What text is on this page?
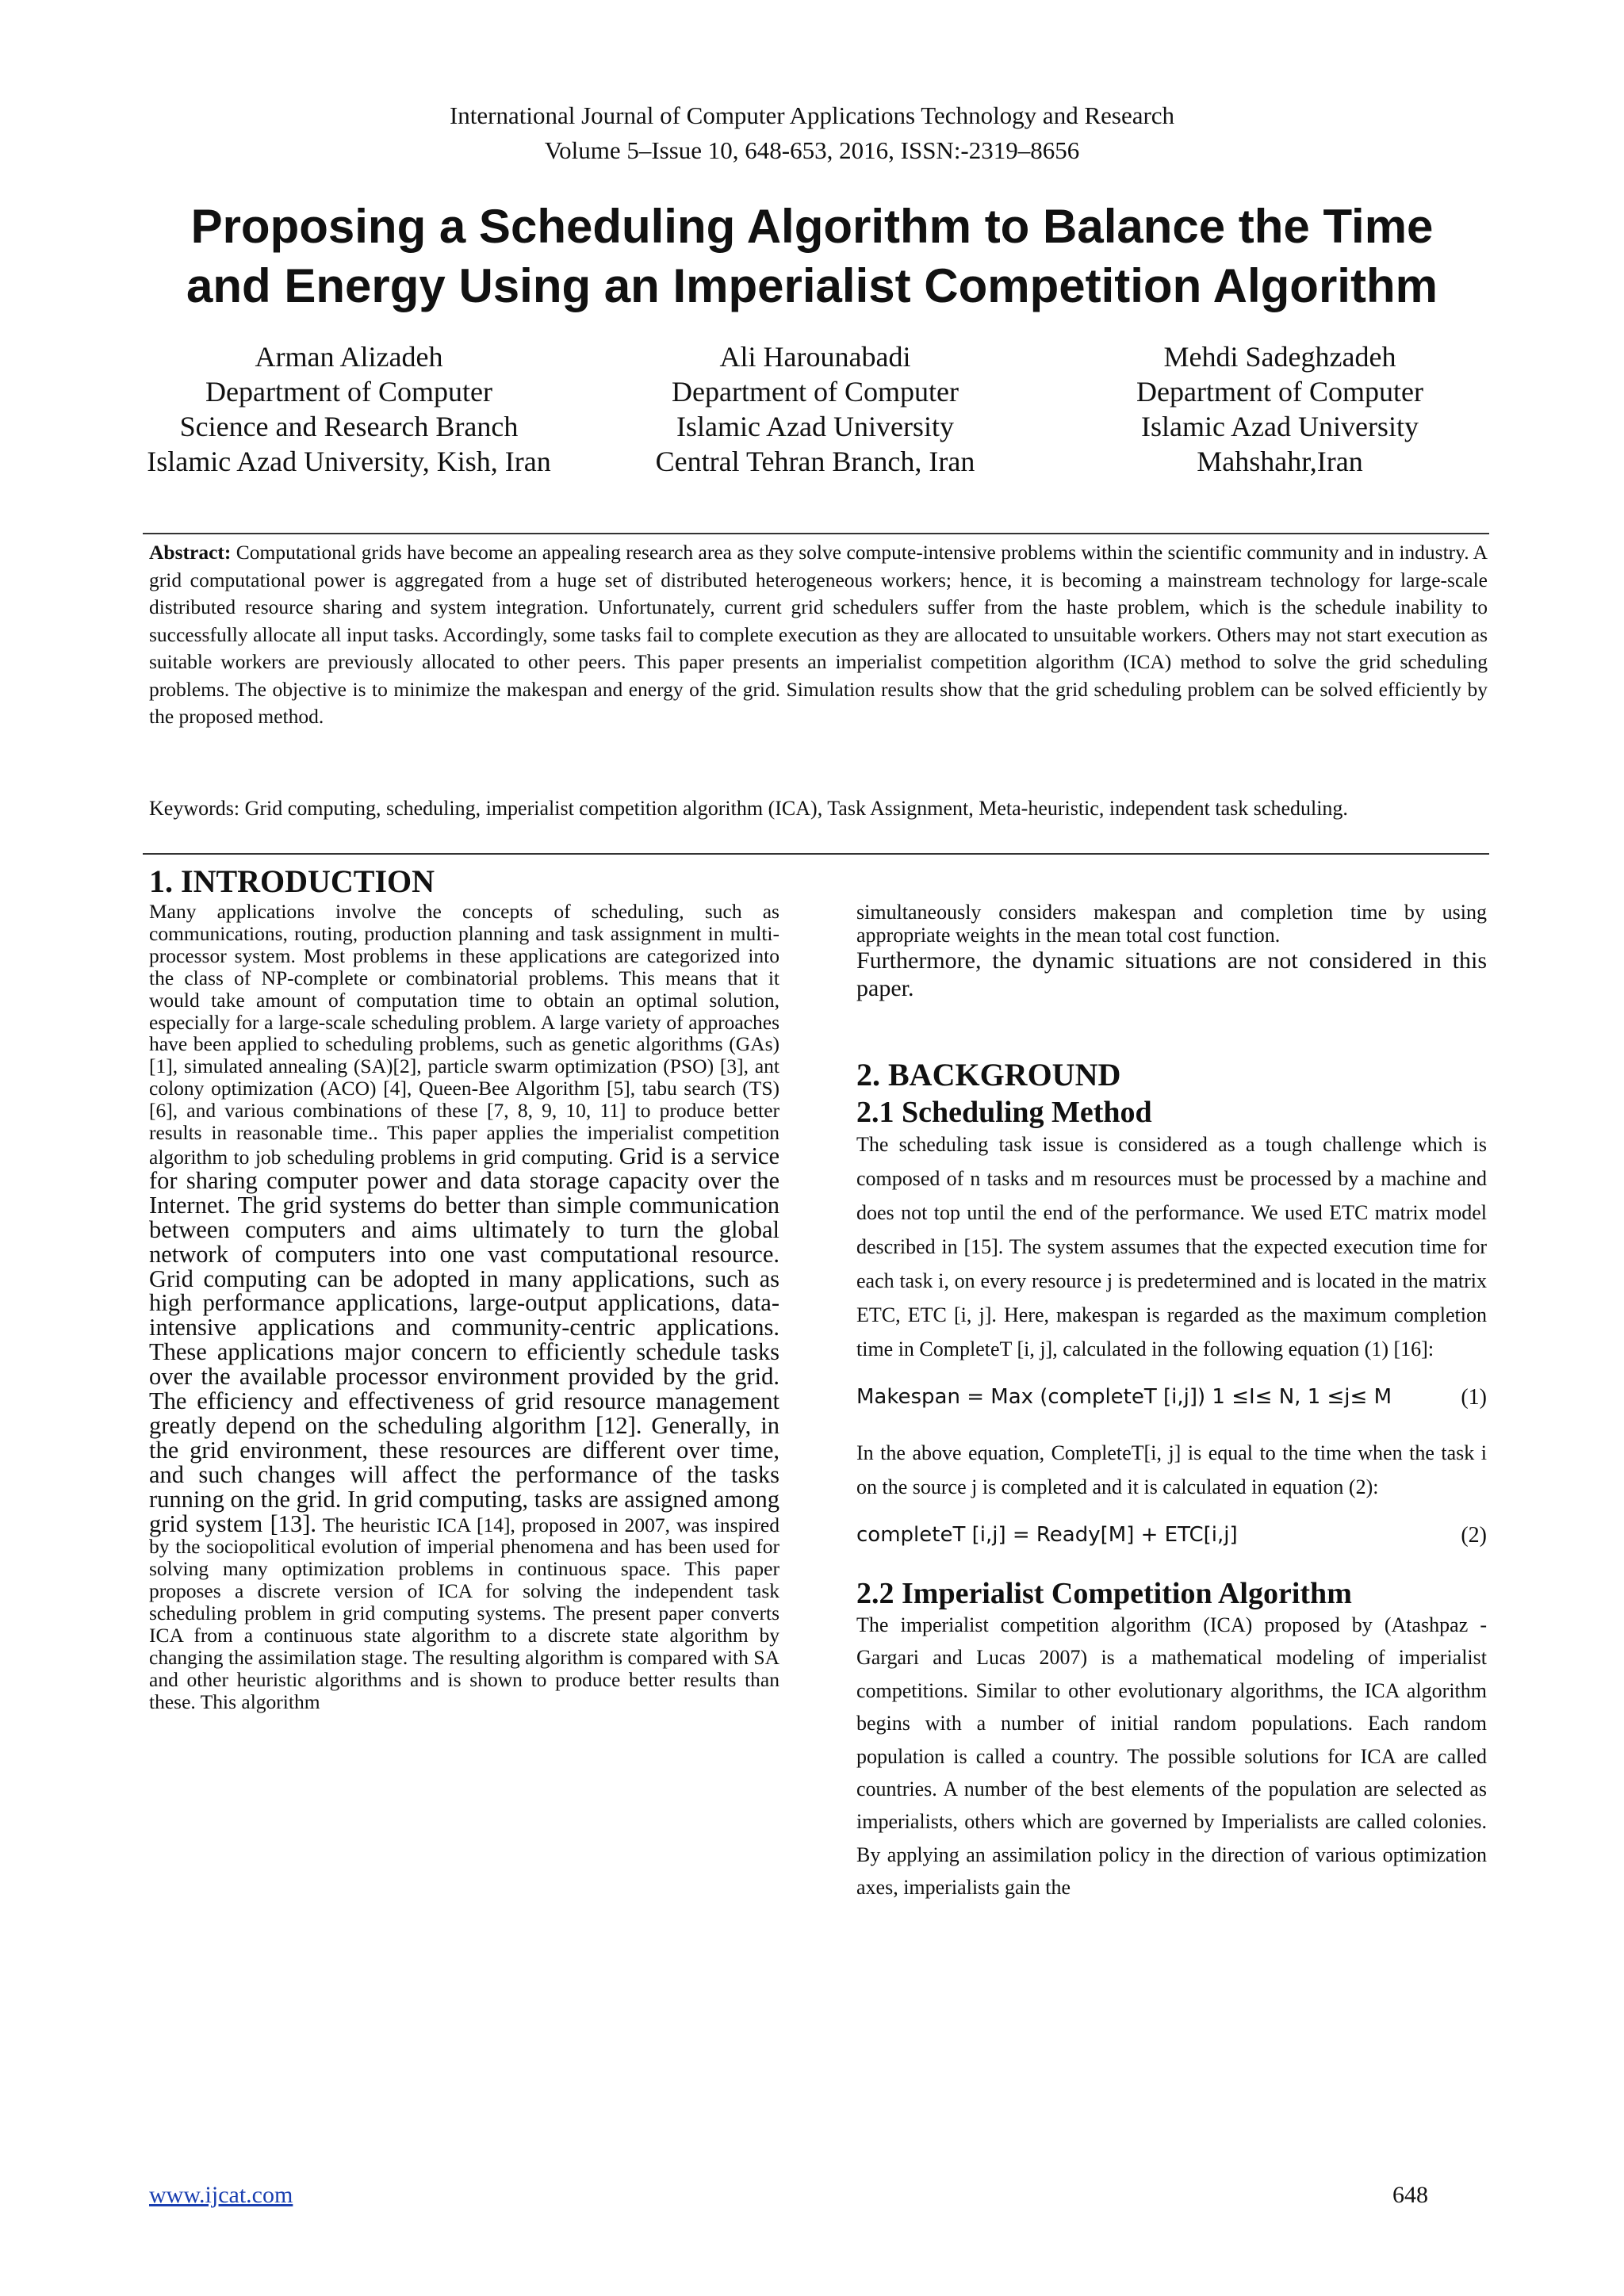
International Journal of Computer Applications Technology and Research
Volume 5–Issue 10, 648-653, 2016, ISSN:-2319–8656
Proposing a Scheduling Algorithm to Balance the Time
and Energy Using an Imperialist Competition Algorithm
Arman Alizadeh
Department of Computer
Science and Research Branch
Islamic Azad University, Kish, Iran
Ali Harounabadi
Department of Computer
Islamic Azad University
Central Tehran Branch, Iran
Mehdi Sadeghzadeh
Department of Computer
Islamic Azad University
Mahshahr,Iran
Abstract: Computational grids have become an appealing research area as they solve compute-intensive problems within the scientific community and in industry. A grid computational power is aggregated from a huge set of distributed heterogeneous workers; hence, it is becoming a mainstream technology for large-scale distributed resource sharing and system integration. Unfortunately, current grid schedulers suffer from the haste problem, which is the schedule inability to successfully allocate all input tasks. Accordingly, some tasks fail to complete execution as they are allocated to unsuitable workers. Others may not start execution as suitable workers are previously allocated to other peers. This paper presents an imperialist competition algorithm (ICA) method to solve the grid scheduling problems. The objective is to minimize the makespan and energy of the grid. Simulation results show that the grid scheduling problem can be solved efficiently by the proposed method.
Keywords: Grid computing, scheduling, imperialist competition algorithm (ICA), Task Assignment, Meta-heuristic, independent task scheduling.
1. INTRODUCTION

Many applications involve the concepts of scheduling, such as communications, routing, production planning and task assignment in multi-processor system. Most problems in these applications are categorized into the class of NP-complete or combinatorial problems. This means that it would take amount of computation time to obtain an optimal solution, especially for a large-scale scheduling problem. A large variety of approaches have been applied to scheduling problems, such as genetic algorithms (GAs) [1], simulated annealing (SA)[2], particle swarm optimization (PSO) [3], ant colony optimization (ACO) [4], Queen-Bee Algorithm [5], tabu search (TS) [6], and various combinations of these [7, 8, 9, 10, 11] to produce better results in reasonable time.. This paper applies the imperialist competition algorithm to job scheduling problems in grid computing. Grid is a service for sharing computer power and data storage capacity over the Internet. The grid systems do better than simple communication between computers and aims ultimately to turn the global network of computers into one vast computational resource. Grid computing can be adopted in many applications, such as high performance applications, large-output applications, data-intensive applications and community-centric applications. These applications major concern to efficiently schedule tasks over the available processor environment provided by the grid. The efficiency and effectiveness of grid resource management greatly depend on the scheduling algorithm [12]. Generally, in the grid environment, these resources are different over time, and such changes will affect the performance of the tasks running on the grid. In grid computing, tasks are assigned among grid system [13]. The heuristic ICA [14], proposed in 2007, was inspired by the sociopolitical evolution of imperial phenomena and has been used for solving many optimization problems in continuous space. This paper proposes a discrete version of ICA for solving the independent task scheduling problem in grid computing systems. The present paper converts ICA from a continuous state algorithm to a discrete state algorithm by changing the assimilation stage. The resulting algorithm is compared with SA and other heuristic algorithms and is shown to produce better results than these. This algorithm

simultaneously considers makespan and completion time by using appropriate weights in the mean total cost function.

Furthermore, the dynamic situations are not considered in this paper.

2. BACKGROUND
2.1 Scheduling Method

The scheduling task issue is considered as a tough challenge which is composed of n tasks and m resources must be processed by a machine and does not top until the end of the performance. We used ETC matrix model described in [15]. The system assumes that the expected execution time for each task i, on every resource j is predetermined and is located in the matrix ETC, ETC [i, j]. Here, makespan is regarded as the maximum completion time in CompleteT [i, j], calculated in the following equation (1) [16]:

Makespan = Max (completeT [i,j]) 1 ≤I≤ N, 1 ≤j≤ M	(1)

In the above equation, CompleteT[i, j] is equal to the time when the task i on the source j is completed and it is calculated in equation (2):

completeT [i,j] = Ready[M] + ETC[i,j]	(2)
2.2 Imperialist Competition Algorithm

The imperialist competition algorithm (ICA) proposed by (Atashpaz -Gargari and Lucas 2007) is a mathematical modeling of imperialist competitions. Similar to other evolutionary algorithms, the ICA algorithm begins with a number of initial random populations. Each random population is called a country. The possible solutions for ICA are called countries. A number of the best elements of the population are selected as imperialists, others which are governed by Imperialists are called colonies. By applying an assimilation policy in the direction of various optimization axes, imperialists gain the

www.ijcat.com	648
